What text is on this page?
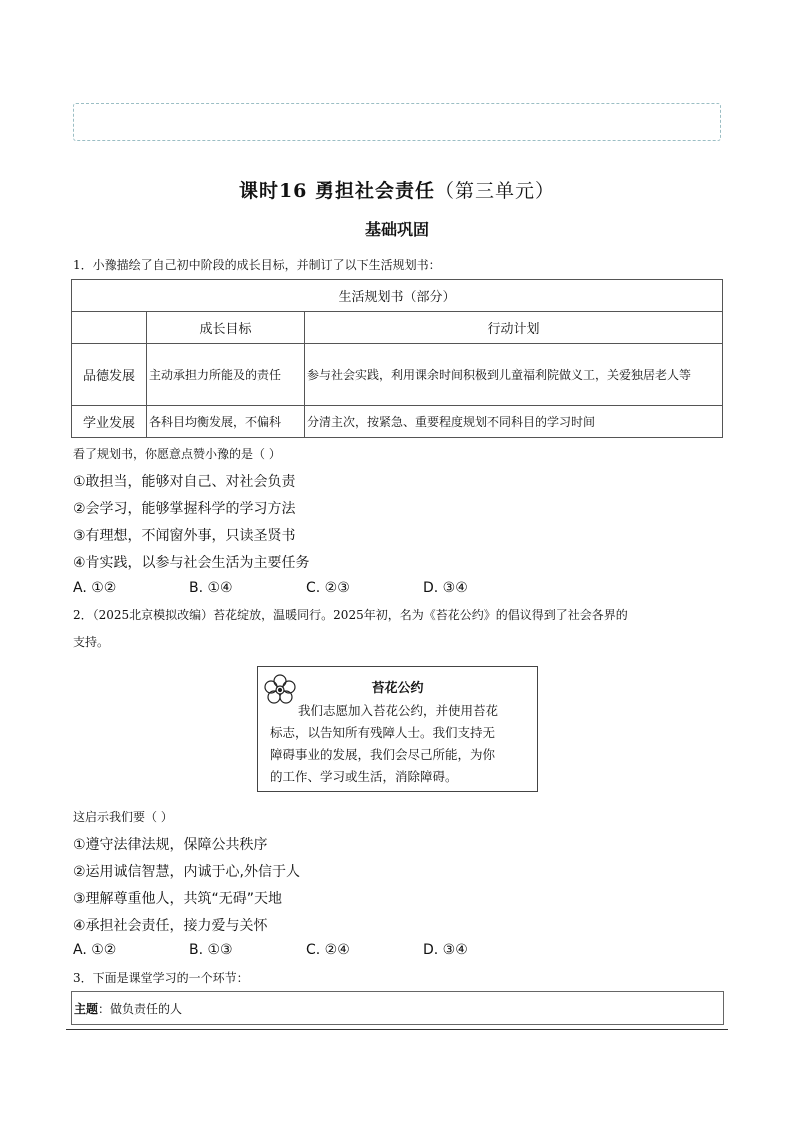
课时16 勇担社会责任（第三单元）
基础巩固
1．小豫描绘了自己初中阶段的成长目标，并制订了以下生活规划书：
生活规划书（部分）		
	成长目标	行动计划
品德发展	主动承担力所能及的责任	参与社会实践，利用课余时间积极到儿童福利院做义工，关爱独居老人等
学业发展	各科目均衡发展，不偏科	分清主次，按紧急、重要程度规划不同科目的学习时间
看了规划书，你愿意点赞小豫的是（ ）
①敢担当，能够对自己、对社会负责
②会学习，能够掌握科学的学习方法
③有理想，不闻窗外事，只读圣贤书
④肯实践，以参与社会生活为主要任务
A. ①②	B. ①④	C. ②③	D. ③④
2．（2025北京模拟改编）苔花绽放，温暖同行。2025年初，名为《苔花公约》的倡议得到了社会各界的
支持。
苔花公约
我们志愿加入苔花公约，并使用苔花
标志，以告知所有残障人士。我们支持无
障碍事业的发展，我们会尽己所能，为你
的工作、学习或生活，消除障碍。
这启示我们要（ ）
①遵守法律法规，保障公共秩序
②运用诚信智慧，内诚于心,外信于人
③理解尊重他人，共筑“无碍”天地
④承担社会责任，接力爱与关怀
A. ①②	B. ①③	C. ②④	D. ③④
3．下面是课堂学习的一个环节：
主题：做负责任的人
